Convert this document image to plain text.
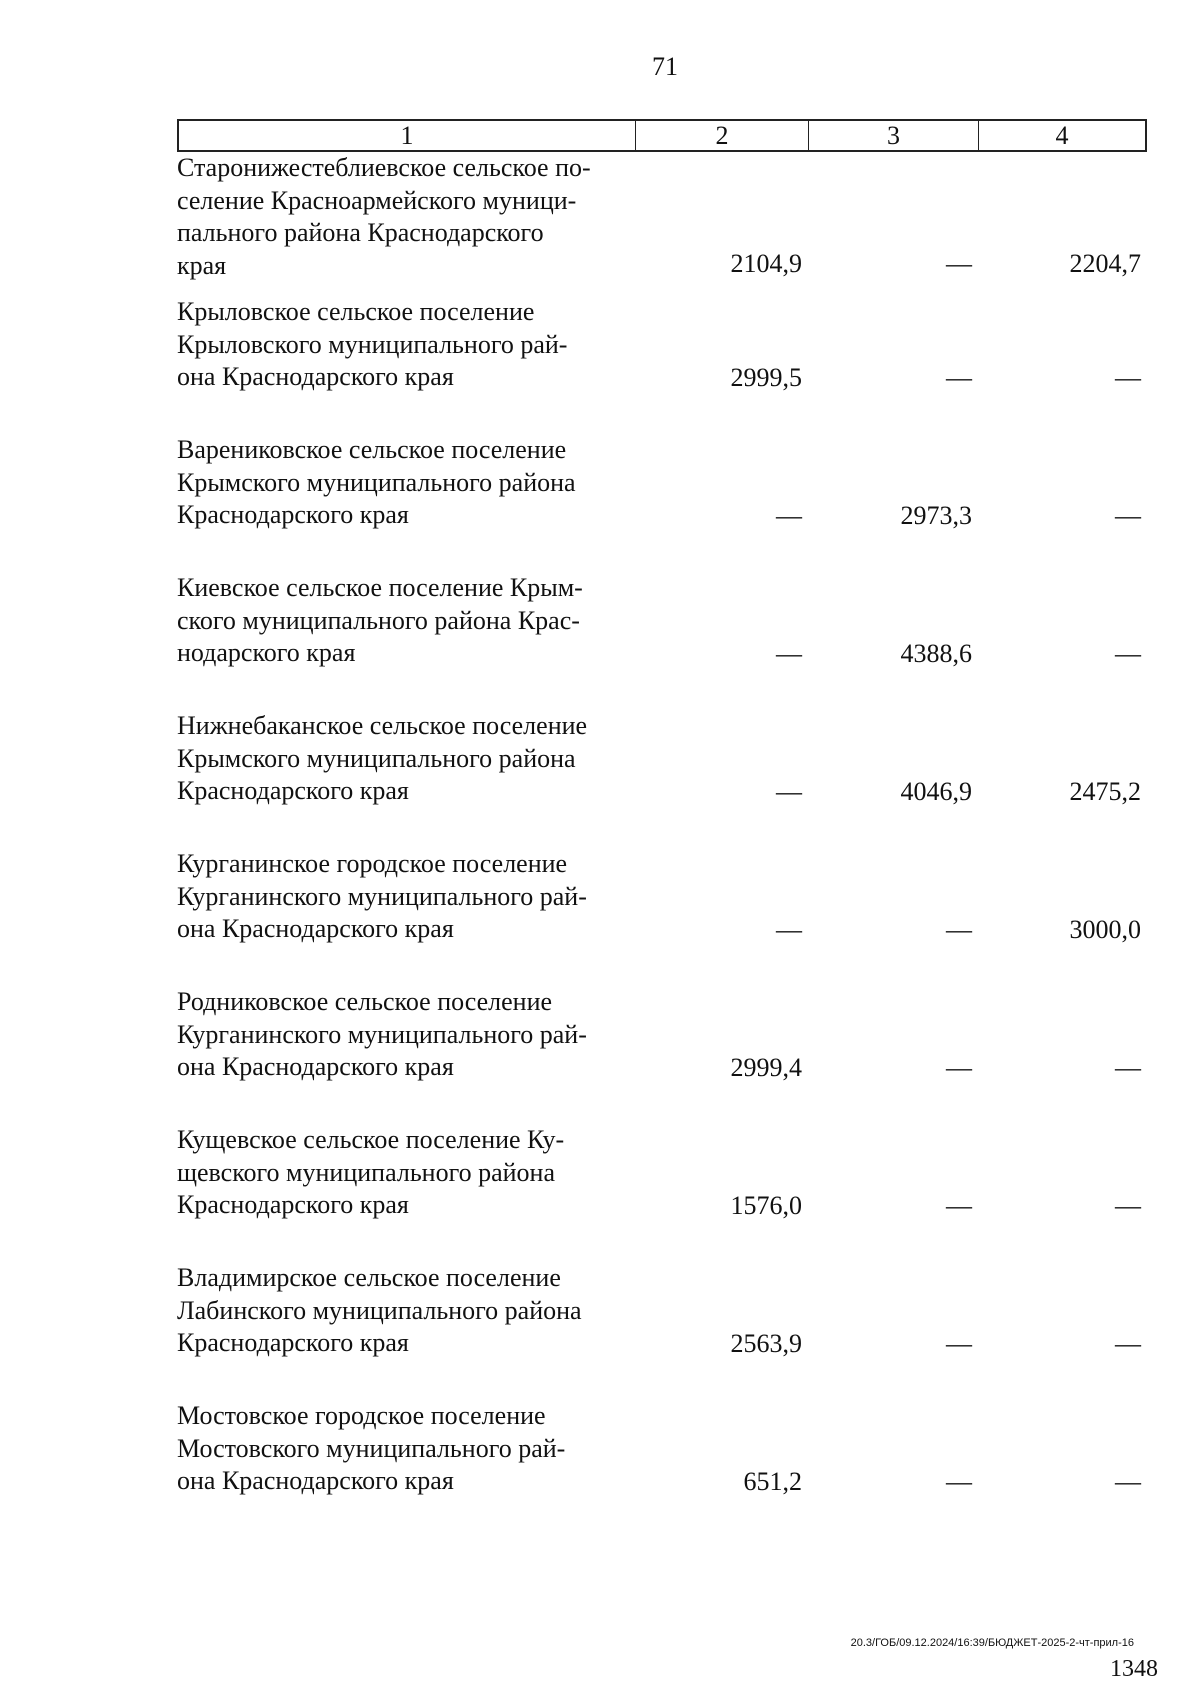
71
1	2	3	4
Старонижестеблиевское сельское по-
селение Красноармейского муници-
пального района Краснодарского
края	2104,9	—	2204,7
Крыловское сельское поселение
Крыловского муниципального рай-
она Краснодарского края	2999,5	—	—
Варениковское сельское поселение
Крымского муниципального района
Краснодарского края	—	2973,3	—
Киевское сельское поселение Крым-
ского муниципального района Крас-
нодарского края	—	4388,6	—
Нижнебаканское сельское поселение
Крымского муниципального района
Краснодарского края	—	4046,9	2475,2
Курганинское городское поселение
Курганинского муниципального рай-
она Краснодарского края	—	—	3000,0
Родниковское сельское поселение
Курганинского муниципального рай-
она Краснодарского края	2999,4	—	—
Кущевское сельское поселение Ку-
щевского муниципального района
Краснодарского края	1576,0	—	—
Владимирское сельское поселение
Лабинского муниципального района
Краснодарского края	2563,9	—	—
Мостовское городское поселение
Мостовского муниципального рай-
она Краснодарского края	651,2	—	—
20.3/ГОБ/09.12.2024/16:39/БЮДЖЕТ-2025-2-чт-прил-16
1348
